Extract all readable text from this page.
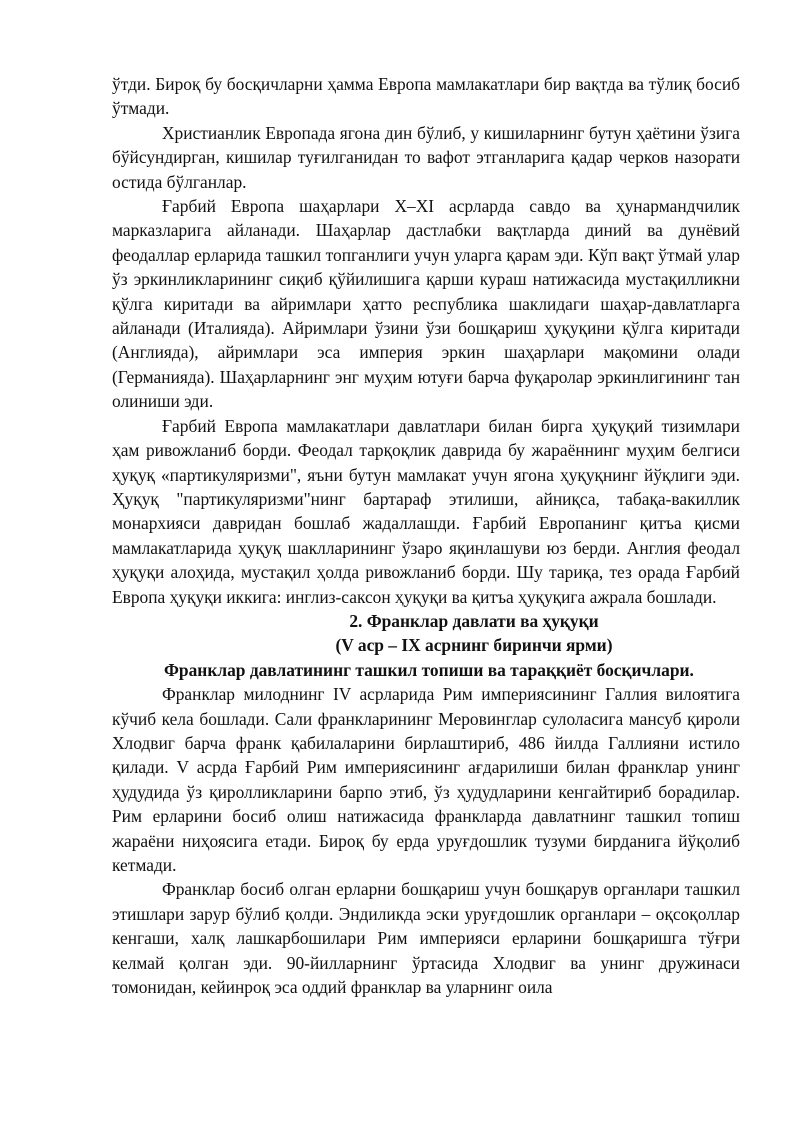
ўтди. Бироқ бу босқичларни ҳамма Европа мамлакатлари бир вақтда ва тўлиқ босиб ўтмади.

Христианлик Европада ягона дин бўлиб, у кишиларнинг бутун ҳаётини ўзига бўйсундирган, кишилар туғилганидан то вафот этганларига қадар черков назорати остида бўлганлар.

Ғарбий Европа шаҳарлари X–XI асрларда савдо ва ҳунармандчилик марказларига айланади. Шаҳарлар дастлабки вақтларда диний ва дунёвий феодаллар ерларида ташкил топганлиги учун уларга қарам эди. Кўп вақт ўтмай улар ўз эркинликларининг сиқиб қўйилишига қарши кураш натижасида мустақилликни қўлга киритади ва айримлари ҳатто республика шаклидаги шаҳар-давлатларга айланади (Италияда). Айримлари ўзини ўзи бошқариш ҳуқуқини қўлга киритади (Англияда), айримлари эса империя эркин шаҳарлари мақомини олади (Германияда). Шаҳарларнинг энг муҳим ютуғи барча фуқаролар эркинлигининг тан олиниши эди.

Ғарбий Европа мамлакатлари давлатлари билан бирга ҳуқуқий тизимлари ҳам ривожланиб борди. Феодал тарқоқлик даврида бу жараённинг муҳим белгиси ҳуқуқ «партикуляризми", яъни бутун мамлакат учун ягона ҳуқуқнинг йўқлиги эди. Ҳуқуқ "партикуляризми"нинг бартараф этилиши, айниқса, табақа-вакиллик монархияси давридан бошлаб жадаллашди. Ғарбий Европанинг қитъа қисми мамлакатларида ҳуқуқ шаклларининг ўзаро яқинлашуви юз берди. Англия феодал ҳуқуқи алоҳида, мустақил ҳолда ривожланиб борди. Шу тариқа, тез орада Ғарбий Европа ҳуқуқи иккига: инглиз-саксон ҳуқуқи ва қитъа ҳуқуқига ажрала бошлади.

2. Франклар давлати ва ҳуқуқи

(V аср – IX асрнинг биринчи ярми)

Франклар давлатининг ташкил топиши ва тараққиёт босқичлари.

Франклар милоднинг IV асрларида Рим империясининг Галлия вилоятига кўчиб кела бошлади. Сали франкларининг Меровинглар сулоласига мансуб қироли Хлодвиг барча франк қабилаларини бирлаштириб, 486 йилда Галлияни истило қилади. V асрда Ғарбий Рим империясининг ағдарилиши билан франклар унинг ҳудудида ўз қиролликларини барпо этиб, ўз ҳудудларини кенгайтириб борадилар. Рим ерларини босиб олиш натижасида франкларда давлатнинг ташкил топиш жараёни ниҳоясига етади. Бироқ бу ерда уруғдошлик тузуми бирданига йўқолиб кетмади.

Франклар босиб олган ерларни бошқариш учун бошқарув органлари ташкил этишлари зарур бўлиб қолди. Эндиликда эски уруғдошлик органлари – оқсоқоллар кенгаши, халқ лашкарбошилари Рим империяси ерларини бошқаришга тўғри келмай қолган эди. 90-йилларнинг ўртасида Хлодвиг ва унинг дружинаси томонидан, кейинроқ эса оддий франклар ва уларнинг оила
